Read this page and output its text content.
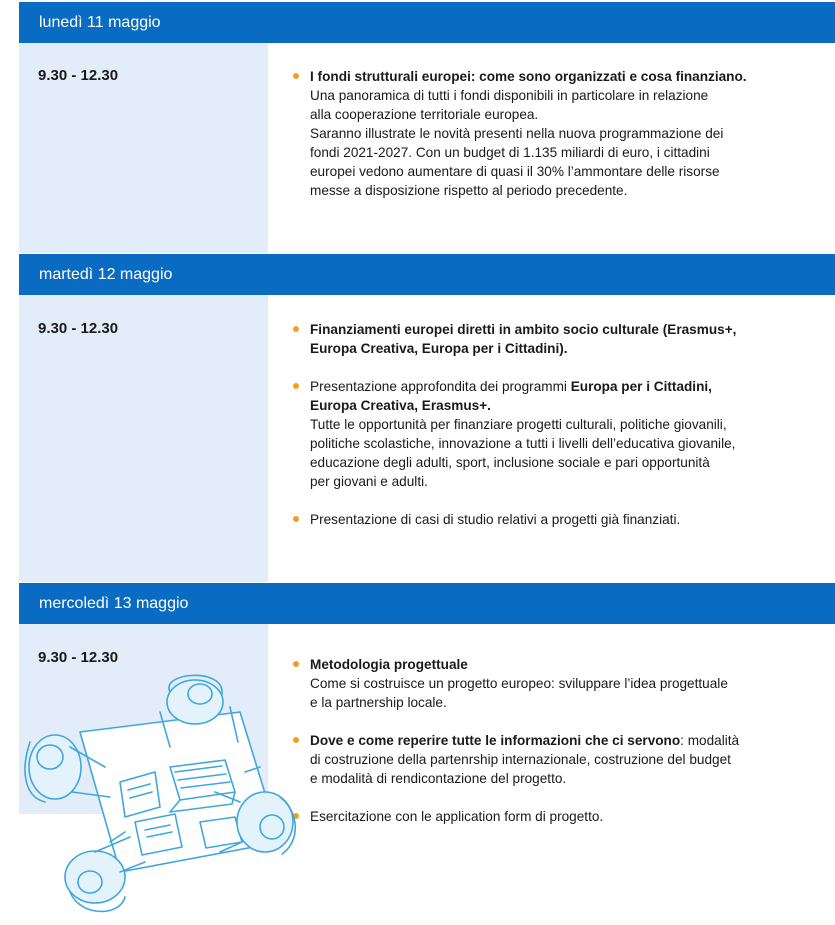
lunedì 11 maggio
9.30 - 12.30	I fondi strutturali europei: come sono organizzati e cosa finanziano.
Una panoramica di tutti i fondi disponibili in particolare in relazione
alla cooperazione territoriale europea.
Saranno illustrate le novità presenti nella nuova programmazione dei
fondi 2021-2027. Con un budget di 1.135 miliardi di euro, i cittadini
europei vedono aumentare di quasi il 30% l’ammontare delle risorse
messe a disposizione rispetto al periodo precedente.
martedì 12 maggio
9.30 - 12.30	Finanziamenti europei diretti in ambito socio culturale (Erasmus+,
Europa Creativa, Europa per i Cittadini).
Presentazione approfondita dei programmi Europa per i Cittadini,
Europa Creativa, Erasmus+.
Tutte le opportunità per finanziare progetti culturali, politiche giovanili,
politiche scolastiche, innovazione a tutti i livelli dell’educativa giovanile,
educazione degli adulti, sport, inclusione sociale e pari opportunità
per giovani e adulti.
Presentazione di casi di studio relativi a progetti già finanziati.
mercoledì 13 maggio
9.30 - 12.30	Metodologia progettuale
Come si costruisce un progetto europeo: sviluppare l’idea progettuale
e la partnership locale.
Dove e come reperire tutte le informazioni che ci servono: modalità
di costruzione della partenrship internazionale, costruzione del budget
e modalità di rendicontazione del progetto.
Esercitazione con le application form di progetto.
